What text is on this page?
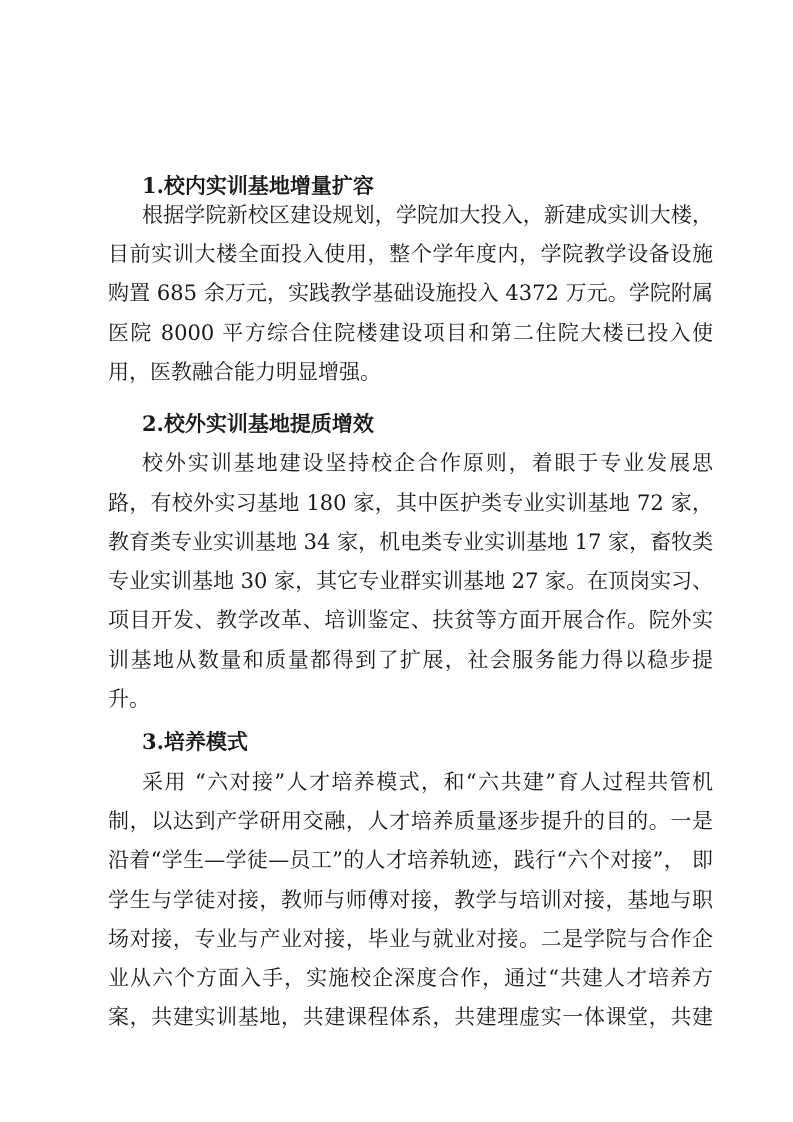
1.校内实训基地增量扩容
根据学院新校区建设规划，学院加大投入，新建成实训大楼，
目前实训大楼全面投入使用，整个学年度内，学院教学设备设施
购置 685 余万元，实践教学基础设施投入 4372 万元。学院附属
医院 8000 平方综合住院楼建设项目和第二住院大楼已投入使
用，医教融合能力明显增强。
2.校外实训基地提质增效
校外实训基地建设坚持校企合作原则，着眼于专业发展思
路，有校外实习基地 180 家，其中医护类专业实训基地 72 家，
教育类专业实训基地 34 家，机电类专业实训基地 17 家，畜牧类
专业实训基地 30 家，其它专业群实训基地 27 家。在顶岗实习、
项目开发、教学改革、培训鉴定、扶贫等方面开展合作。院外实
训基地从数量和质量都得到了扩展，社会服务能力得以稳步提
升。
3.培养模式
采用 “六对接”人才培养模式，和“六共建”育人过程共管机
制，以达到产学研用交融，人才培养质量逐步提升的目的。一是
沿着“学生—学徒—员工”的人才培养轨迹，践行“六个对接”， 即
学生与学徒对接，教师与师傅对接，教学与培训对接，基地与职
场对接，专业与产业对接，毕业与就业对接。二是学院与合作企
业从六个方面入手，实施校企深度合作，通过“共建人才培养方
案，共建实训基地，共建课程体系，共建理虚实一体课堂，共建
